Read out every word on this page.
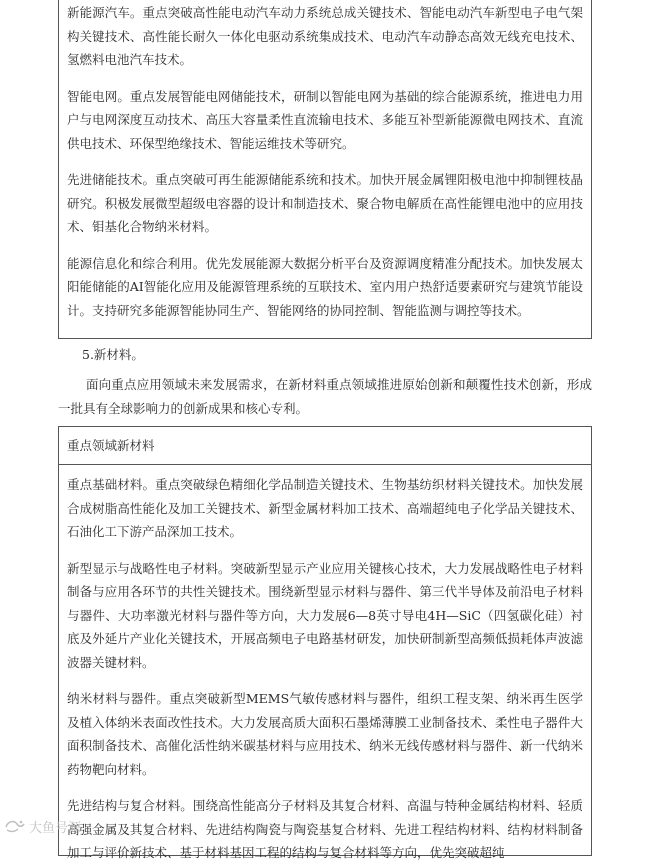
新能源汽车。重点突破高性能电动汽车动力系统总成关键技术、智能电动汽车新型电子电气架构关键技术、高性能长耐久一体化电驱动系统集成技术、电动汽车动静态高效无线充电技术、氢燃料电池汽车技术。

智能电网。重点发展智能电网储能技术，研制以智能电网为基础的综合能源系统，推进电力用户与电网深度互动技术、高压大容量柔性直流输电技术、多能互补型新能源微电网技术、直流供电技术、环保型绝缘技术、智能运维技术等研究。

先进储能技术。重点突破可再生能源储能系统和技术。加快开展金属锂阳极电池中抑制锂枝晶研究。积极发展微型超级电容器的设计和制造技术、聚合物电解质在高性能锂电池中的应用技术、钼基化合物纳米材料。

能源信息化和综合利用。优先发展能源大数据分析平台及资源调度精准分配技术。加快发展太阳能储能的AI智能化应用及能源管理系统的互联技术、室内用户热舒适要素研究与建筑节能设计。支持研究多能源智能协同生产、智能网络的协同控制、智能监测与调控等技术。

5.新材料。
面向重点应用领域未来发展需求，在新材料重点领域推进原始创新和颠覆性技术创新，形成一批具有全球影响力的创新成果和核心专利。
重点领域新材料

重点基础材料。重点突破绿色精细化学品制造关键技术、生物基纺织材料关键技术。加快发展合成树脂高性能化及加工关键技术、新型金属材料加工技术、高端超纯电子化学品关键技术、石油化工下游产品深加工技术。

新型显示与战略性电子材料。突破新型显示产业应用关键核心技术，大力发展战略性电子材料制备与应用各环节的共性关键技术。围绕新型显示材料与器件、第三代半导体及前沿电子材料与器件、大功率激光材料与器件等方向，大力发展6—8英寸导电4H—SiC（四氢碳化硅）衬底及外延片产业化关键技术，开展高频电子电路基材研发，加快研制新型高频低损耗体声波滤波器关键材料。

纳米材料与器件。重点突破新型MEMS气敏传感材料与器件，组织工程支架、纳米再生医学及植入体纳米表面改性技术。大力发展高质大面积石墨烯薄膜工业制备技术、柔性电子器件大面积制备技术、高催化活性纳米碳基材料与应用技术、纳米无线传感材料与器件、新一代纳米药物靶向材料。

先进结构与复合材料。围绕高性能高分子材料及其复合材料、高温与特种金属结构材料、轻质高强金属及其复合材料、先进结构陶瓷与陶瓷基复合材料、先进工程结构材料、结构材料制备加工与评价新技术、基于材料基因工程的结构与复合材料等方向，优先突破超纯

大鱼号源
